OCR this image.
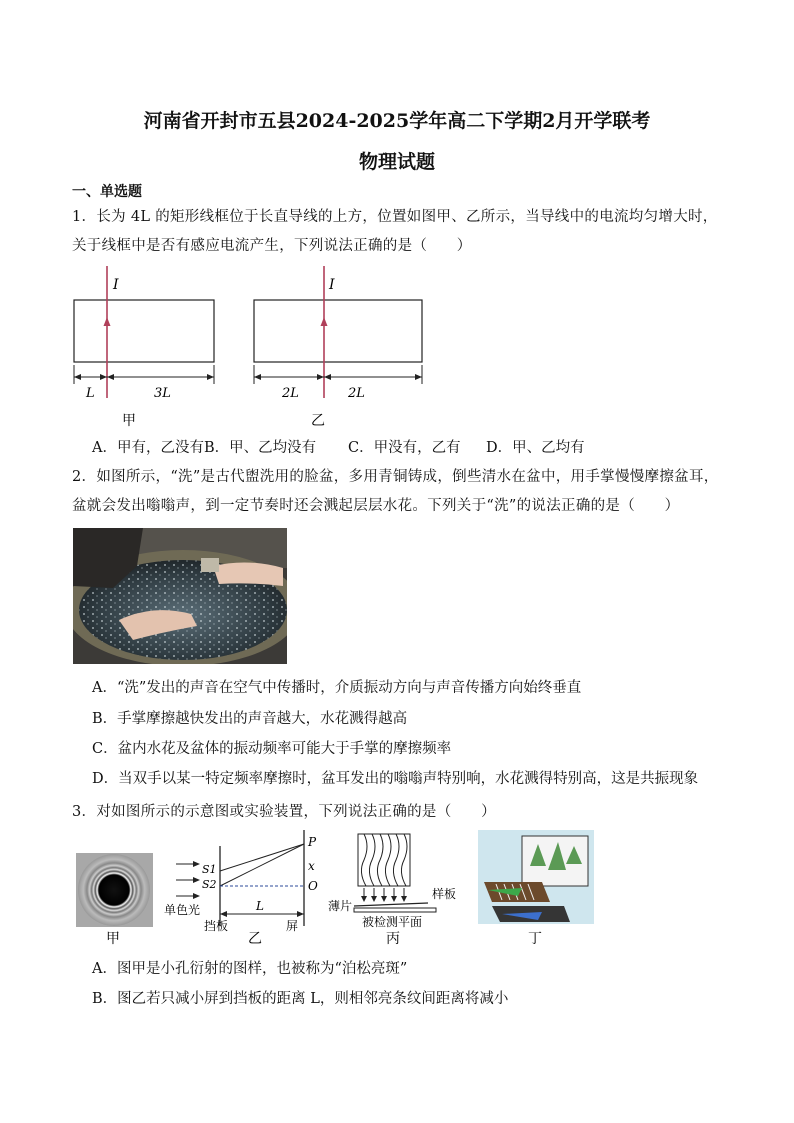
河南省开封市五县2024-2025学年高二下学期2月开学联考
物理试题
一、单选题
1．长为 4L 的矩形线框位于长直导线的上方，位置如图甲、乙所示，当导线中的电流均匀增大时，关于线框中是否有感应电流产生，下列说法正确的是（　　）
I
L	3L
甲
I
2L	2L
乙
A．甲有，乙没有 B．甲、乙均没有 C．甲没有，乙有 D．甲、乙均有
2．如图所示，“洗”是古代盥洗用的脸盆，多用青铜铸成，倒些清水在盆中，用手掌慢慢摩擦盆耳，盆就会发出嗡嗡声，到一定节奏时还会溅起层层水花。下列关于“洗”的说法正确的是（　　）
A．“洗”发出的声音在空气中传播时，介质振动方向与声音传播方向始终垂直
B．手掌摩擦越快发出的声音越大，水花溅得越高
C．盆内水花及盆体的振动频率可能大于手掌的摩擦频率
D．当双手以某一特定频率摩擦时，盆耳发出的嗡嗡声特别响，水花溅得特别高，这是共振现象
3．对如图所示的示意图或实验装置，下列说法正确的是（　　）
甲
单色光
S1
S2
P
x
O
L
挡板	屏
乙
薄片
样板
被检测平面
丙	丁
A．图甲是小孔衍射的图样，也被称为“泊松亮斑”
B．图乙若只减小屏到挡板的距离 L，则相邻亮条纹间距离将减小
